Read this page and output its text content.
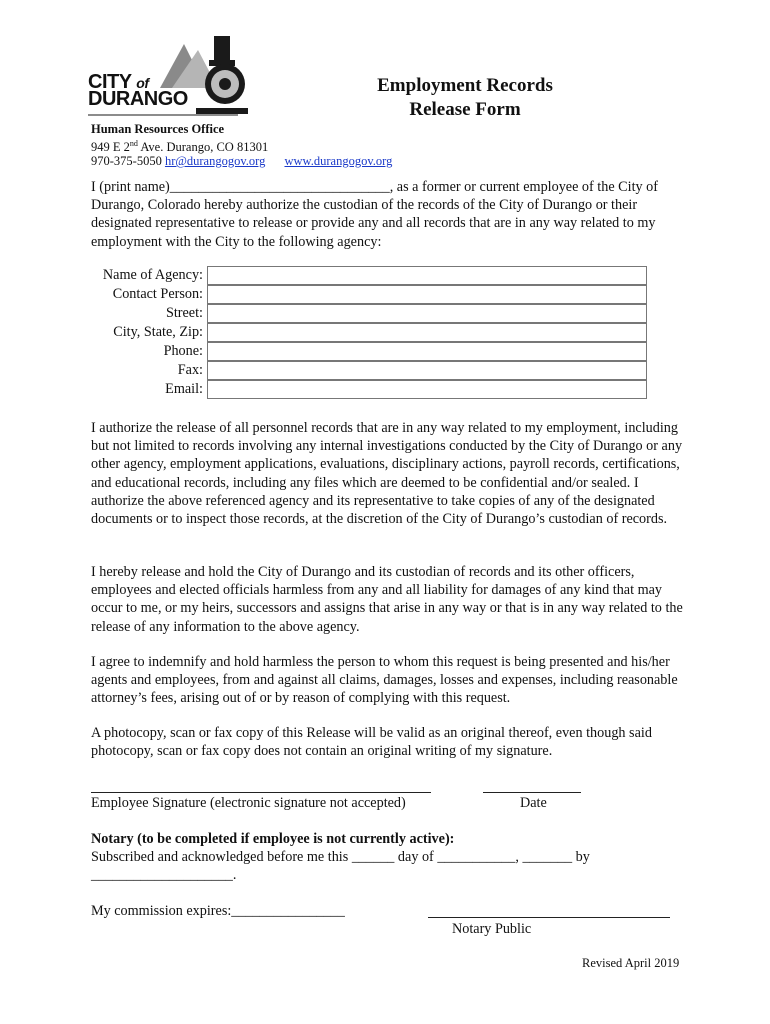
CITY of
DURANGO
Employment Records
Release Form
Human Resources Office
949 E 2nd Ave. Durango, CO 81301
970-375-5050 hr@durangogov.org www.durangogov.org
I (print name)_______________________________, as a former or current employee of the City of Durango, Colorado hereby authorize the custodian of the records of the City of Durango or their designated representative to release or provide any and all records that are in any way related to my employment with the City to the following agency:
Name of Agency:
Contact Person:
Street:
City, State, Zip:
Phone:
Fax:
Email:
I authorize the release of all personnel records that are in any way related to my employment, including but not limited to records involving any internal investigations conducted by the City of Durango or any other agency, employment applications, evaluations, disciplinary actions, payroll records, certifications, and educational records, including any files which are deemed to be confidential and/or sealed. I authorize the above referenced agency and its representative to take copies of any of the designated documents or to inspect those records, at the discretion of the City of Durango’s custodian of records.
I hereby release and hold the City of Durango and its custodian of records and its other officers, employees and elected officials harmless from any and all liability for damages of any kind that may occur to me, or my heirs, successors and assigns that arise in any way or that is in any way related to the release of any information to the above agency.
I agree to indemnify and hold harmless the person to whom this request is being presented and his/her agents and employees, from and against all claims, damages, losses and expenses, including reasonable attorney’s fees, arising out of or by reason of complying with this request.
A photocopy, scan or fax copy of this Release will be valid as an original thereof, even though said photocopy, scan or fax copy does not contain an original writing of my signature.
Employee Signature (electronic signature not accepted)	Date
Notary (to be completed if employee is not currently active):
Subscribed and acknowledged before me this ______ day of ___________, _______ by
____________________.
My commission expires:________________
Notary Public
Revised April 2019
